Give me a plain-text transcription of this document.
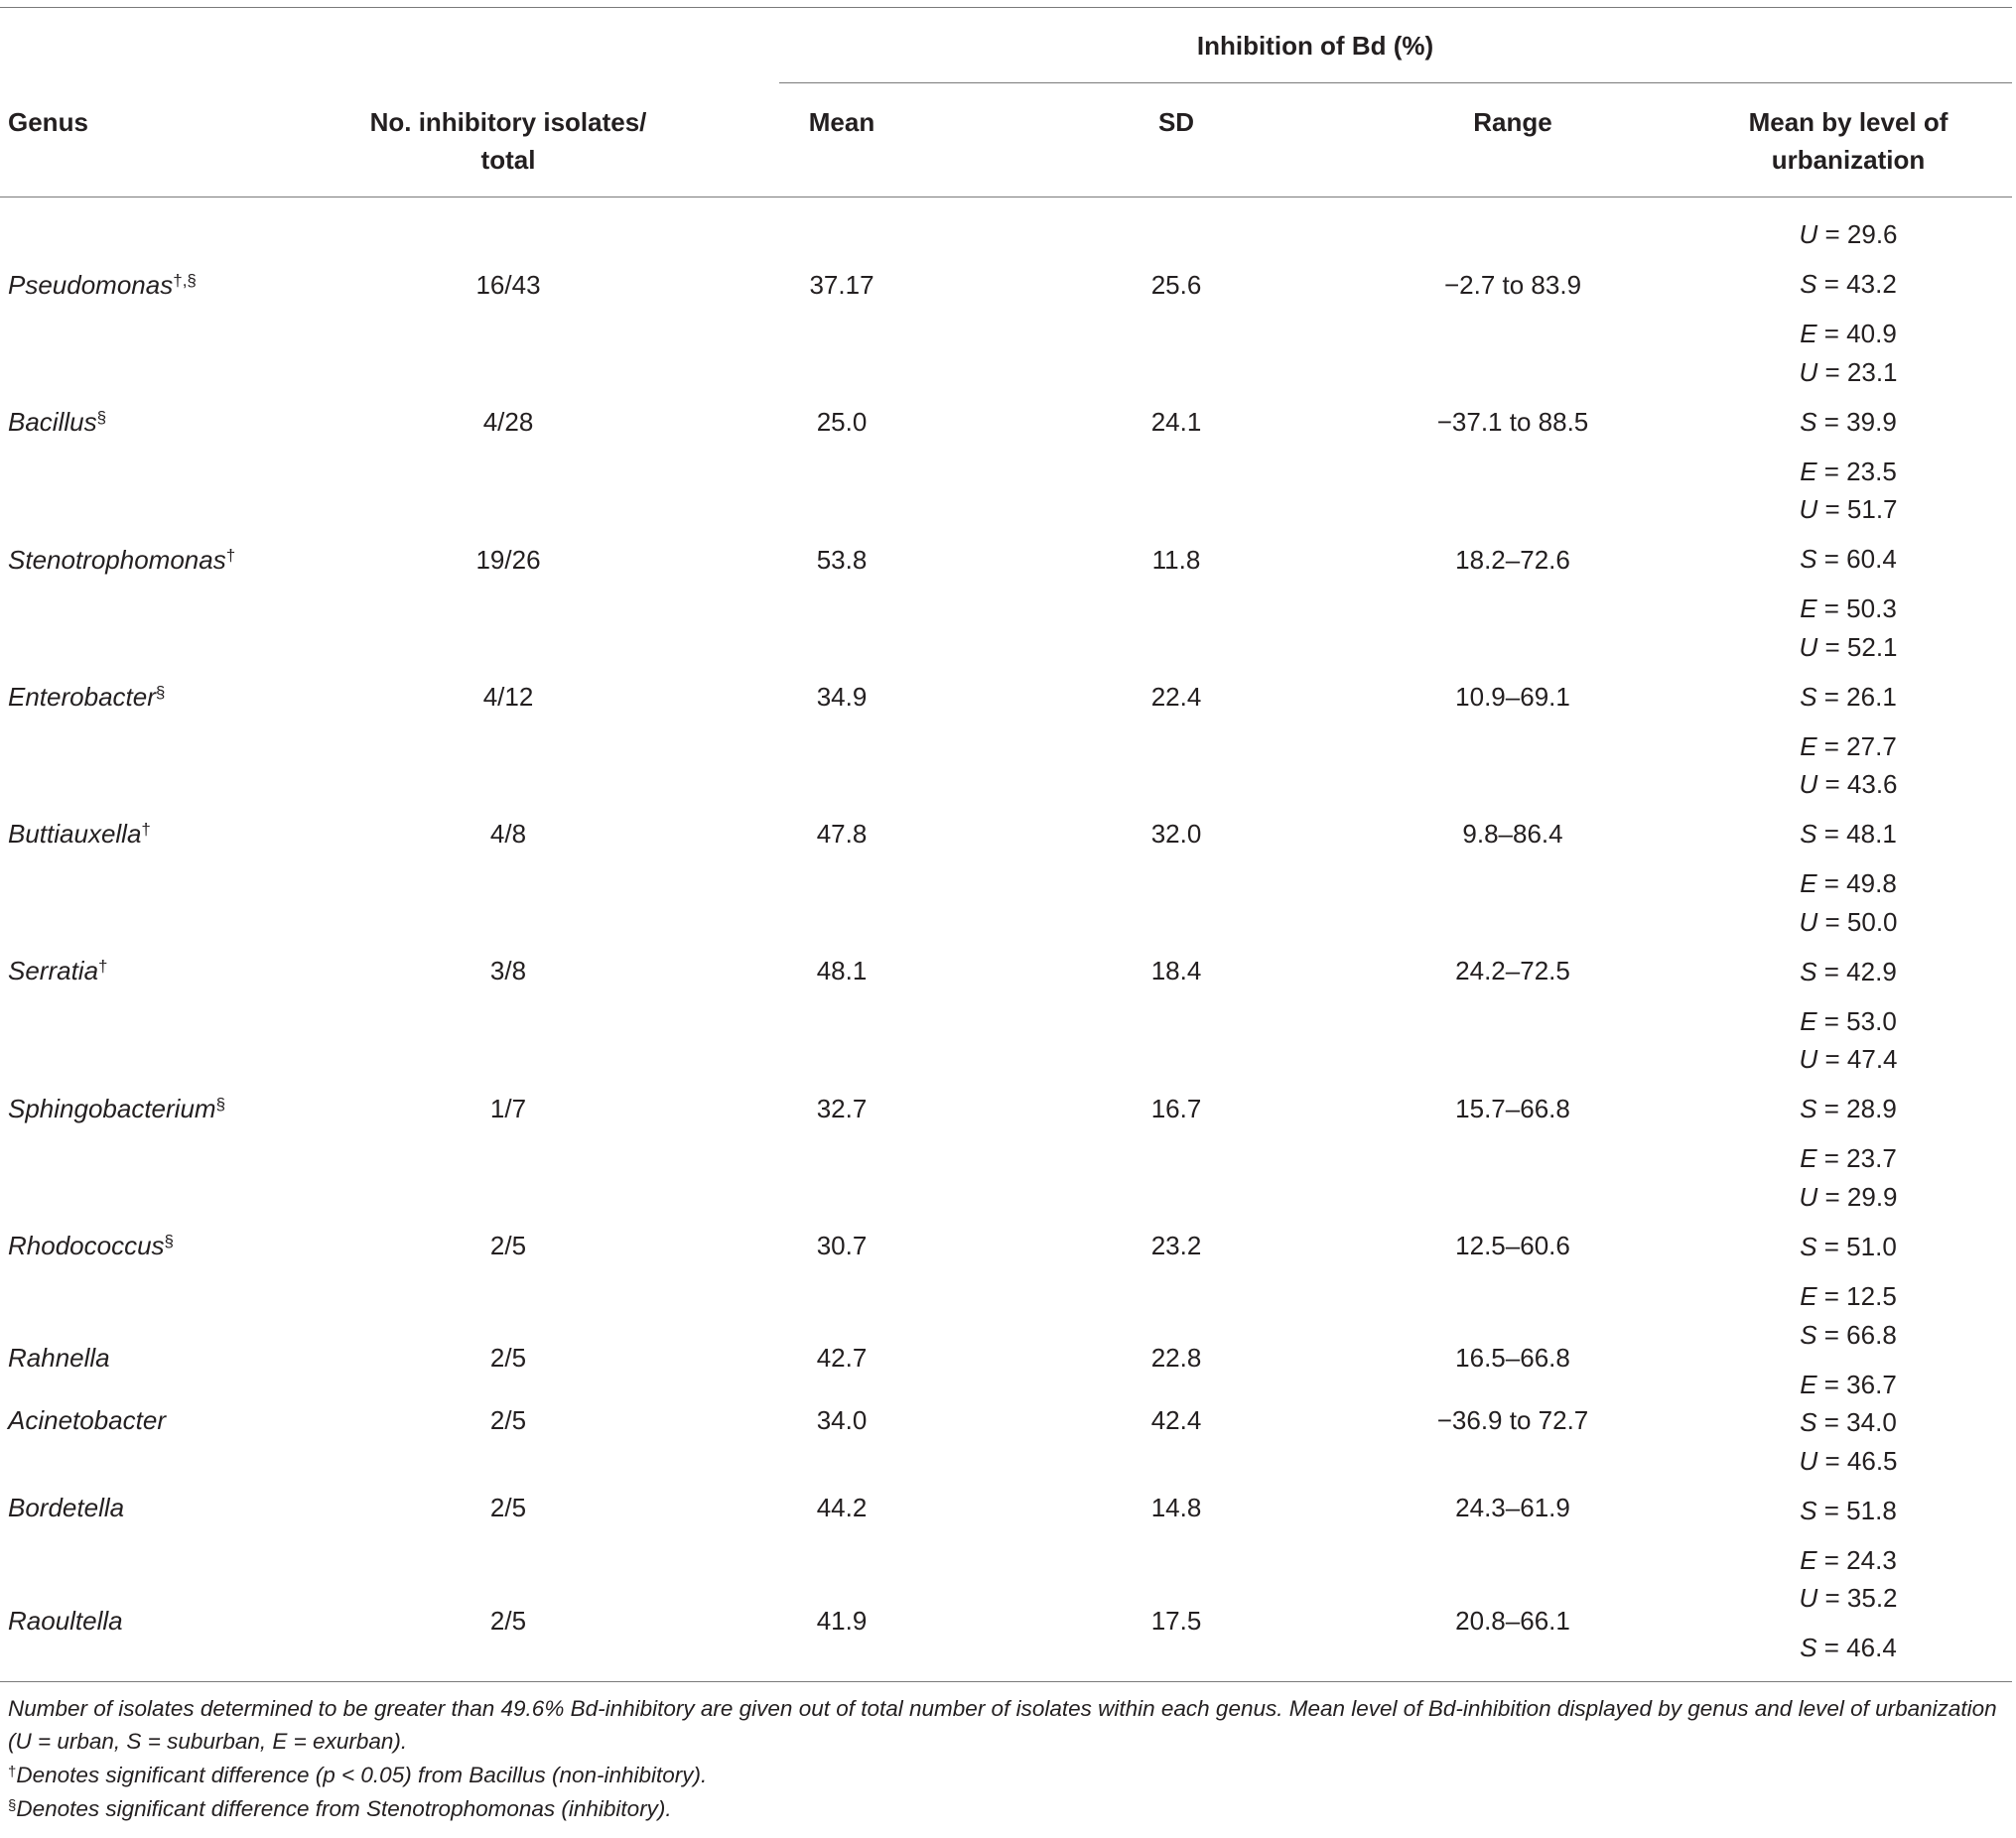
Inhibition of Bd (%)
Genus	No. inhibitory isolates/
total
Mean	SD	Range	Mean by level of
urbanization
Pseudomonas†,§	16/43	37.17	25.6	−2.7 to 83.9
U = 29.6
S = 43.2
E = 40.9
Bacillus§	4/28	25.0	24.1	−37.1 to 88.5
U = 23.1
S = 39.9
E = 23.5
Stenotrophomonas†	19/26	53.8	11.8	18.2–72.6
U = 51.7
S = 60.4
E = 50.3
Enterobacter§	4/12	34.9	22.4	10.9–69.1
U = 52.1
S = 26.1
E = 27.7
Buttiauxella†	4/8	47.8	32.0	9.8–86.4
U = 43.6
S = 48.1
E = 49.8
Serratia†	3/8	48.1	18.4	24.2–72.5
U = 50.0
S = 42.9
E = 53.0
Sphingobacterium§	1/7	32.7	16.7	15.7–66.8
U = 47.4
S = 28.9
E = 23.7
Rhodococcus§	2/5	30.7	23.2	12.5–60.6
U = 29.9
S = 51.0
E = 12.5
Rahnella	2/5	42.7	22.8	16.5–66.8
S = 66.8
E = 36.7
Acinetobacter	2/5	34.0	42.4	−36.9 to 72.7	S = 34.0
Bordetella	2/5	44.2	14.8	24.3–61.9
U = 46.5
S = 51.8
E = 24.3
Raoultella	2/5	41.9	17.5	20.8–66.1
U = 35.2
S = 46.4
Number of isolates determined to be greater than 49.6% Bd-inhibitory are given out of total number of isolates within each genus. Mean level of Bd-inhibition displayed by genus and level of urbanization (U = urban, S = suburban, E = exurban).
†Denotes significant difference (p < 0.05) from Bacillus (non-inhibitory).
§Denotes significant difference from Stenotrophomonas (inhibitory).
